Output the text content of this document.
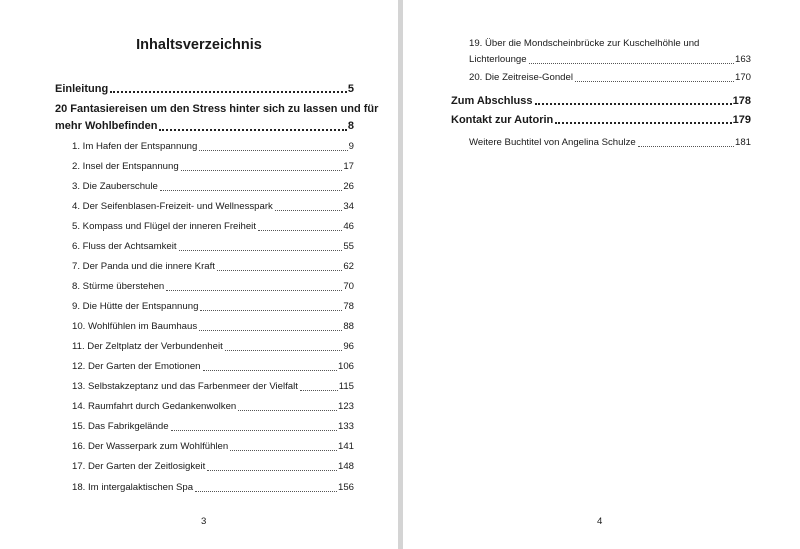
Inhaltsverzeichnis
Einleitung	5
20 Fantasiereisen um den Stress hinter sich zu lassen und für
mehr Wohlbefinden	8
1. Im Hafen der Entspannung	9
2. Insel der Entspannung	17
3. Die Zauberschule	26
4. Der Seifenblasen-Freizeit- und Wellnesspark	34
5. Kompass und Flügel der inneren Freiheit	46
6. Fluss der Achtsamkeit	55
7. Der Panda und die innere Kraft	62
8. Stürme überstehen	70
9. Die Hütte der Entspannung	78
10. Wohlfühlen im Baumhaus	88
11. Der Zeltplatz der Verbundenheit	96
12. Der Garten der Emotionen	106
13. Selbstakzeptanz und das Farbenmeer der Vielfalt	115
14. Raumfahrt durch Gedankenwolken	123
15. Das Fabrikgelände	133
16. Der Wasserpark zum Wohlfühlen	141
17. Der Garten der Zeitlosigkeit	148
18. Im intergalaktischen Spa	156
3
19. Über die Mondscheinbrücke zur Kuschelhöhle und
Lichterlounge	163
20. Die Zeitreise-Gondel	170
Zum Abschluss	178
Kontakt zur Autorin	179
Weitere Buchtitel von Angelina Schulze	181
4
